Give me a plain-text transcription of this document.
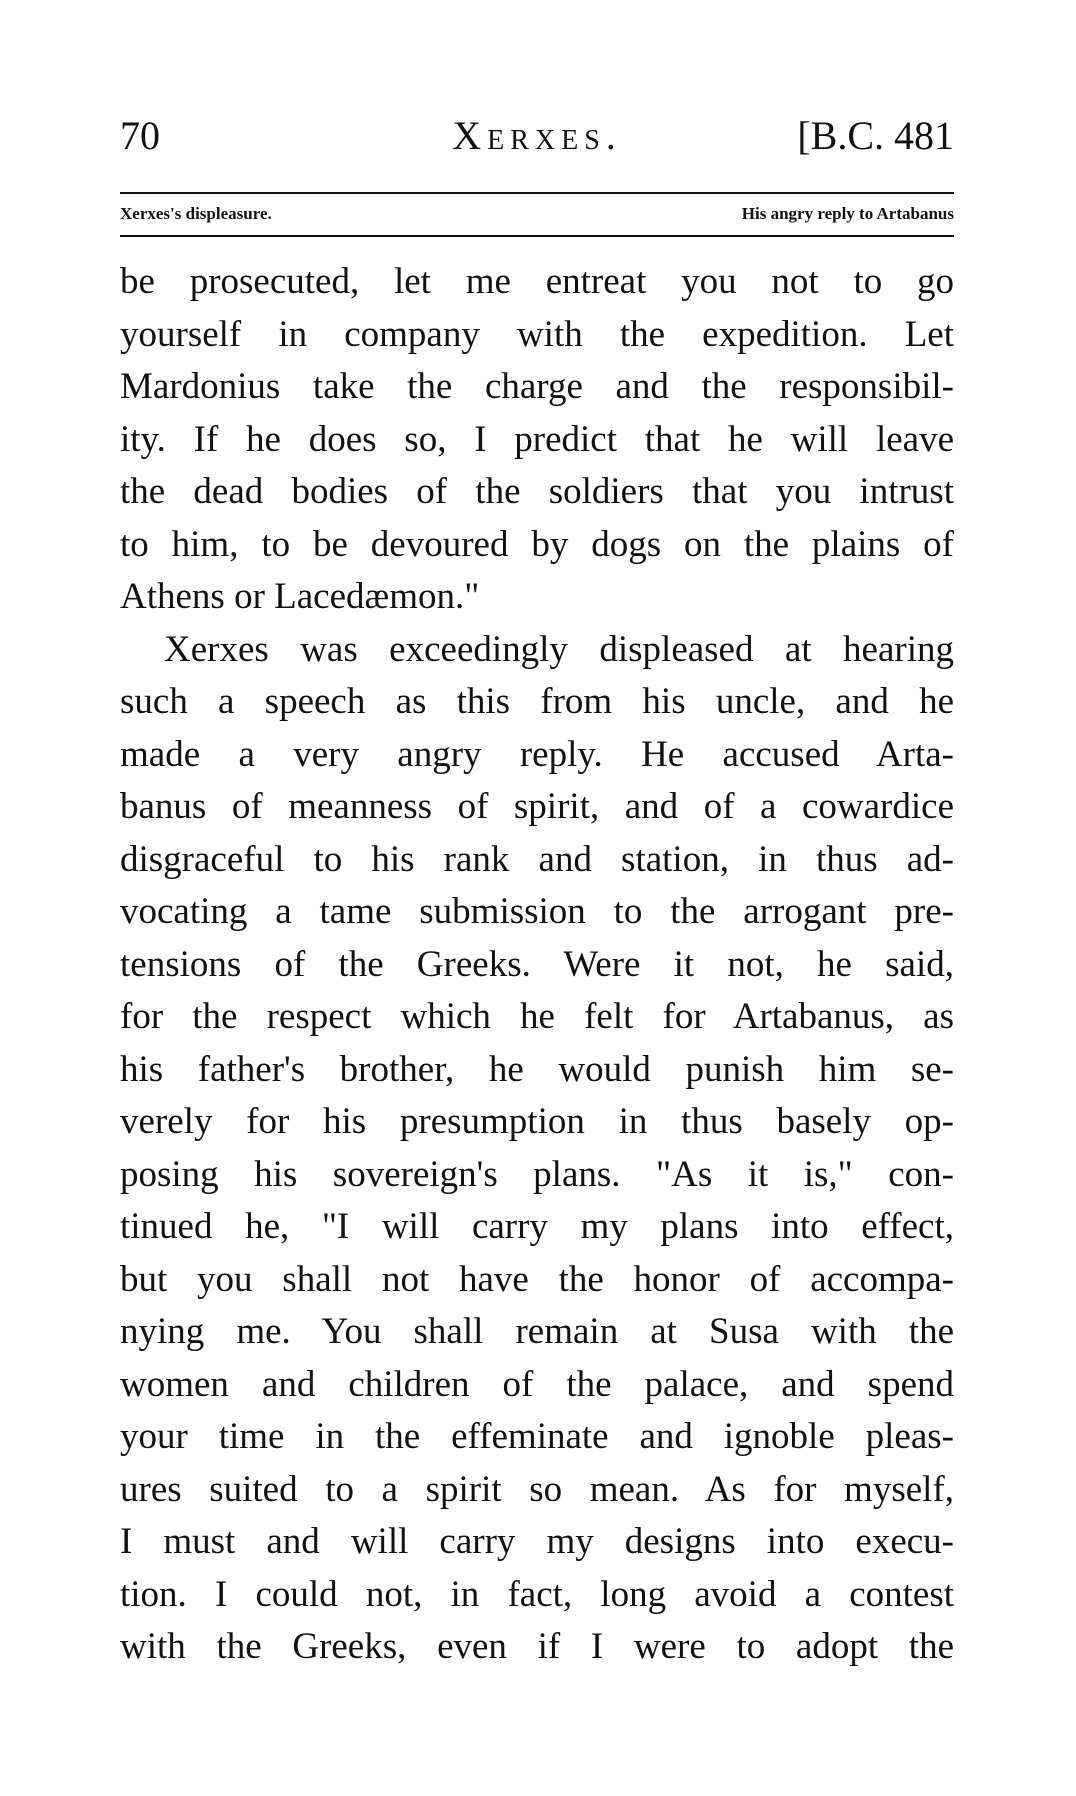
70	Xerxes.	[B.C. 481
Xerxes's displeasure.	His angry reply to Artabanus
be prosecuted, let me entreat you not to go
yourself in company with the expedition. Let
Mardonius take the charge and the responsibil-
ity. If he does so, I predict that he will leave
the dead bodies of the soldiers that you intrust
to him, to be devoured by dogs on the plains of
Athens or Lacedæmon."
Xerxes was exceedingly displeased at hearing
such a speech as this from his uncle, and he
made a very angry reply. He accused Arta-
banus of meanness of spirit, and of a cowardice
disgraceful to his rank and station, in thus ad-
vocating a tame submission to the arrogant pre-
tensions of the Greeks. Were it not, he said,
for the respect which he felt for Artabanus, as
his father's brother, he would punish him se-
verely for his presumption in thus basely op-
posing his sovereign's plans. "As it is," con-
tinued he, "I will carry my plans into effect,
but you shall not have the honor of accompa-
nying me. You shall remain at Susa with the
women and children of the palace, and spend
your time in the effeminate and ignoble pleas-
ures suited to a spirit so mean. As for myself,
I must and will carry my designs into execu-
tion. I could not, in fact, long avoid a contest
with the Greeks, even if I were to adopt the
